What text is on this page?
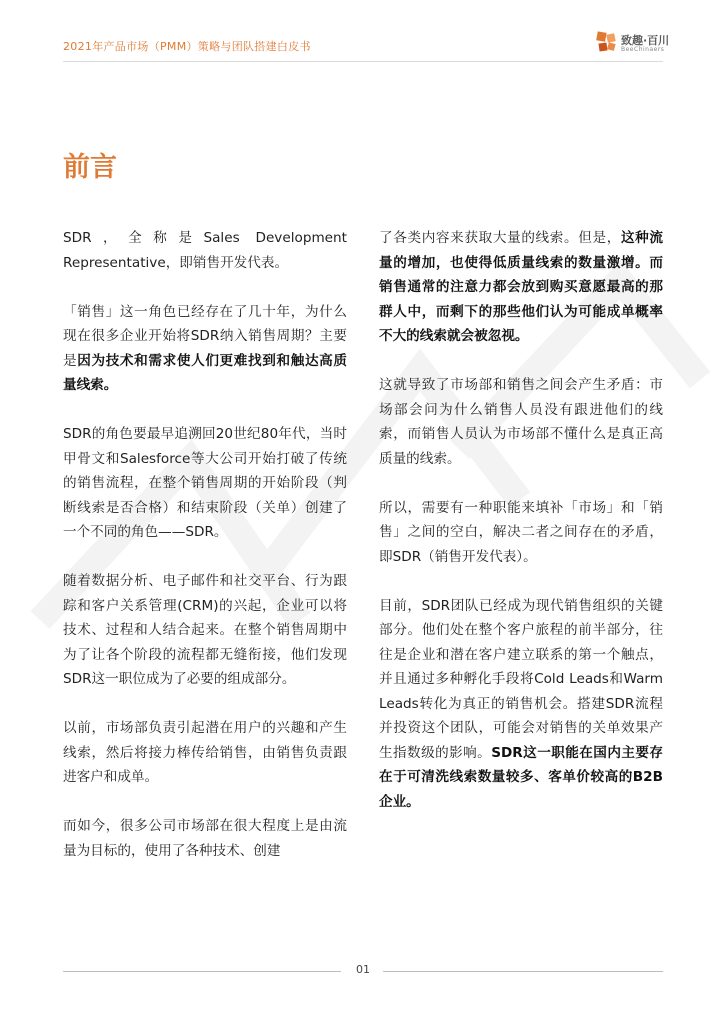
2021年产品市场（PMM）策略与团队搭建白皮书	致趣·百川
BeeChinaers
前言

SDR，全称是Sales Development Representative，即销售开发代表。

「销售」这一角色已经存在了几十年，为什么现在很多企业开始将SDR纳入销售周期？主要是因为技术和需求使人们更难找到和触达高质量线索。

SDR的角色要最早追溯回20世纪80年代，当时甲骨文和Salesforce等大公司开始打破了传统的销售流程，在整个销售周期的开始阶段（判断线索是否合格）和结束阶段（关单）创建了一个不同的角色——SDR。

随着数据分析、电子邮件和社交平台、行为跟踪和客户关系管理(CRM)的兴起，企业可以将技术、过程和人结合起来。在整个销售周期中为了让各个阶段的流程都无缝衔接，他们发现SDR这一职位成为了必要的组成部分。

以前，市场部负责引起潜在用户的兴趣和产生线索，然后将接力棒传给销售，由销售负责跟进客户和成单。

而如今，很多公司市场部在很大程度上是由流量为目标的，使用了各种技术、创建

了各类内容来获取大量的线索。但是，这种流量的增加，也使得低质量线索的数量激增。而销售通常的注意力都会放到购买意愿最高的那群人中，而剩下的那些他们认为可能成单概率不大的线索就会被忽视。

这就导致了市场部和销售之间会产生矛盾：市场部会问为什么销售人员没有跟进他们的线索，而销售人员认为市场部不懂什么是真正高质量的线索。

所以，需要有一种职能来填补「市场」和「销售」之间的空白，解决二者之间存在的矛盾，即SDR（销售开发代表）。

目前，SDR团队已经成为现代销售组织的关键部分。他们处在整个客户旅程的前半部分，往往是企业和潜在客户建立联系的第一个触点，并且通过多种孵化手段将Cold Leads和Warm Leads转化为真正的销售机会。搭建SDR流程并投资这个团队，可能会对销售的关单效果产生指数级的影响。SDR这一职能在国内主要存在于可清洗线索数量较多、客单价较高的B2B企业。

01
